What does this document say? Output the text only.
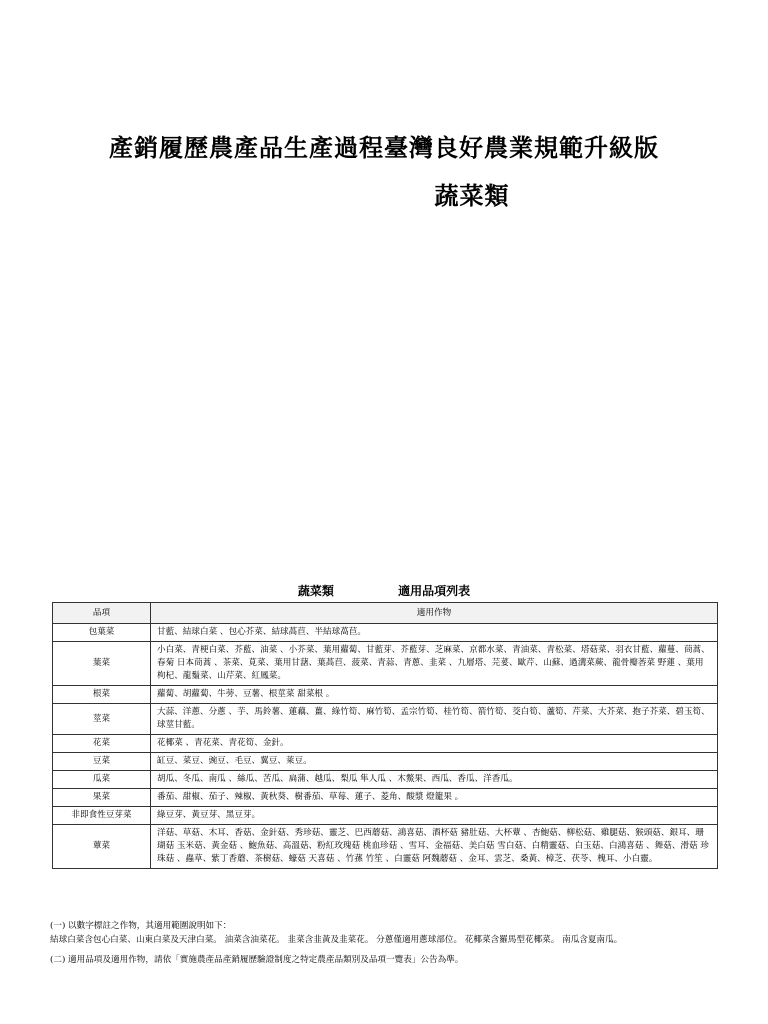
產銷履歷農產品生產過程臺灣良好農業規範升級版
蔬菜類
蔬菜類	適用品項列表
品項	適用作物
包葉菜	甘藍、結球白菜 、包心芥菜、結球萵苣、半結球萵苣。
葉菜	小白菜、青梗白菜、芥藍、油菜 、小芥菜、葉用蘿蔔、甘藍芽、芥藍芽、芝麻菜、京都水菜、青油菜、青松菜、塔菇菜、羽衣甘藍、蘿蔓、茼蒿、春菊 日本茼蒿 、茶菜、莧菜、葉用甘藷、葉萵苣、菠菜、青蒜、青蔥、韭菜 、九層塔、芫荽、歐芹、山蘇、過溝菜蕨、龍骨瓣莕菜 野蓮 、葉用枸杞、龍鬚菜、山芹菜、紅鳳菜。
根菜	蘿蔔、胡蘿蔔、牛蒡、豆薯、根莖菜 甜菜根 。
莖菜	大蒜、洋蔥、分蔥 、芋、馬鈴薯、蓮藕、薑、綠竹筍、麻竹筍、孟宗竹筍、桂竹筍、箭竹筍、茭白筍、蘆筍、芹菜、大芥菜、抱子芥菜、碧玉筍、球莖甘藍。
花菜	花椰菜 、青花菜、青花筍、金針。
豆菜	缸豆、菜豆、豌豆、毛豆、翼豆、萊豆。
瓜菜	胡瓜、冬瓜、南瓜 、絲瓜、苦瓜、扁蒲、越瓜、梨瓜 隼人瓜 、木鱉果、西瓜、香瓜、洋香瓜。
果菜	番茄、甜椒、茄子、辣椒、黃秋葵、樹番茄、草莓、蓮子、菱角、酸漿 燈籠果 。
非即食性豆芽菜	綠豆芽、黃豆芽、黑豆芽。
蕈菜	洋菇、草菇、木耳、香菇、金針菇、秀珍菇、靈芝、巴西蘑菇、鴻喜菇、酒杯菇 豬肚菇、大杯蕈 、杏鮑菇、柳松菇、雞腿菇、猴頭菇、銀耳、珊瑚菇 玉米菇、黃金菇 、鮑魚菇、高溫菇、粉紅玫瑰菇 桃血珍菇 、雪耳、金福菇、美白菇 雪白菇、白精靈菇、白玉菇、白鴻喜菇 、舞菇、滑菇 珍珠菇 、蟲草、紫丁香蘑、茶樹菇、蠔菇 天喜菇 、竹蓀 竹笙 、白靈菇 阿魏蘑菇 、金耳、雲芝、桑黃、樟芝、茯苓、槐耳、小白靈。

(一) 以數字標註之作物，其適用範圍說明如下：
結球白菜含包心白菜、山東白菜及天津白菜。 油菜含油菜花。 韭菜含韭黃及韭菜花。 分蔥僅適用蔥球部位。 花椰菜含羅馬型花椰菜。 南瓜含夏南瓜。

(二) 適用品項及適用作物，請依「實施農產品產銷履歷驗證制度之特定農產品類別及品項一覽表」公告為準。
